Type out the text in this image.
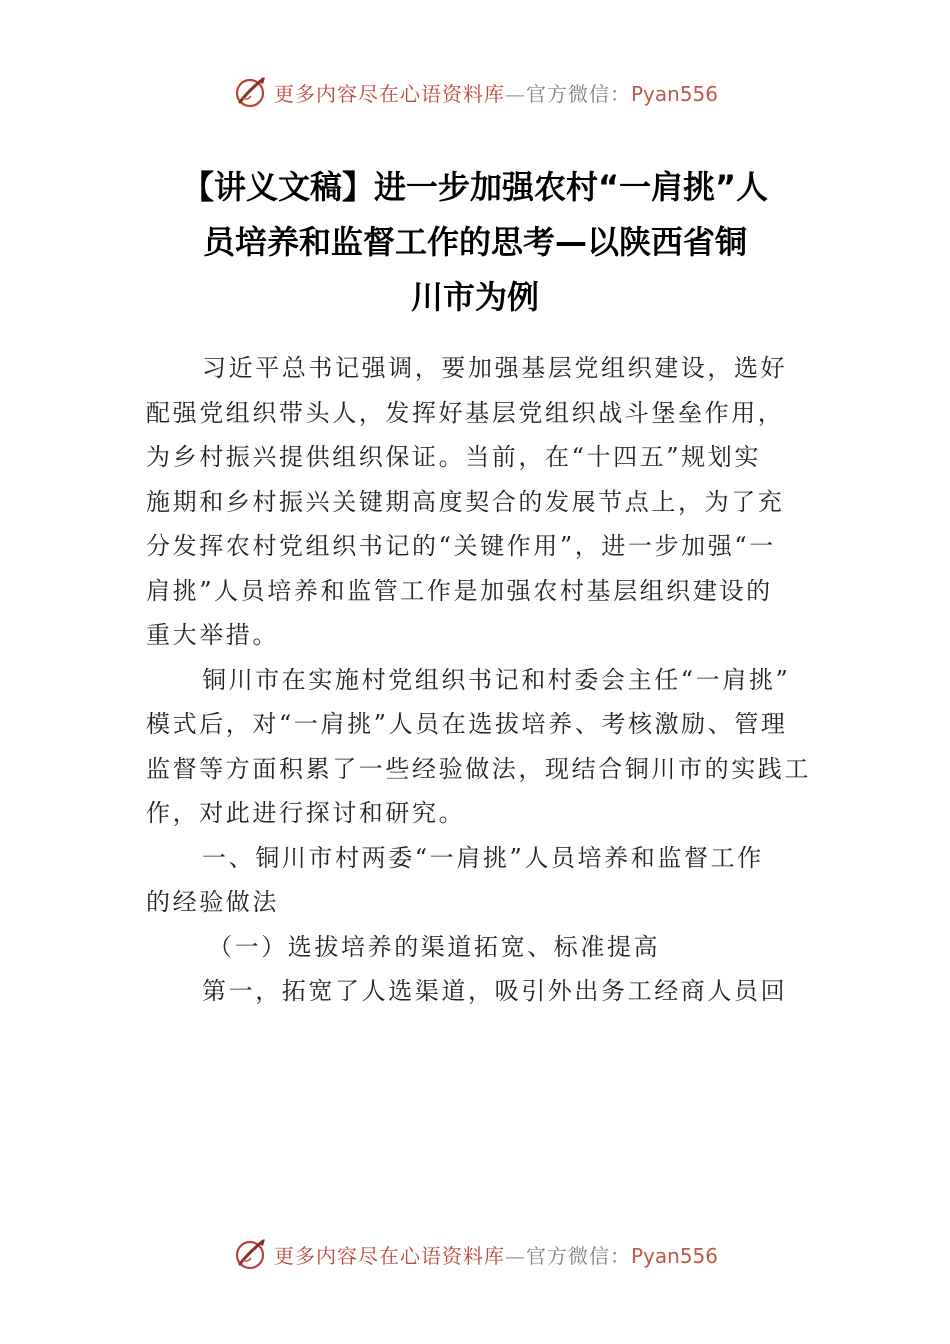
更多内容尽在心语资料库—官方微信：Pyan556
【讲义文稿】进一步加强农村“一肩挑”人
员培养和监督工作的思考—以陕西省铜
川市为例

习近平总书记强调，要加强基层党组织建设，选好
配强党组织带头人，发挥好基层党组织战斗堡垒作用，
为乡村振兴提供组织保证。当前，在“十四五”规划实
施期和乡村振兴关键期高度契合的发展节点上，为了充
分发挥农村党组织书记的“关键作用”，进一步加强“一
肩挑”人员培养和监管工作是加强农村基层组织建设的
重大举措。

铜川市在实施村党组织书记和村委会主任“一肩挑”
模式后，对“一肩挑”人员在选拔培养、考核激励、管理
监督等方面积累了一些经验做法，现结合铜川市的实践工
作，对此进行探讨和研究。

一、铜川市村两委“一肩挑”人员培养和监督工作
的经验做法

（一）选拔培养的渠道拓宽、标准提高

第一，拓宽了人选渠道，吸引外出务工经商人员回

更多内容尽在心语资料库—官方微信：Pyan556
